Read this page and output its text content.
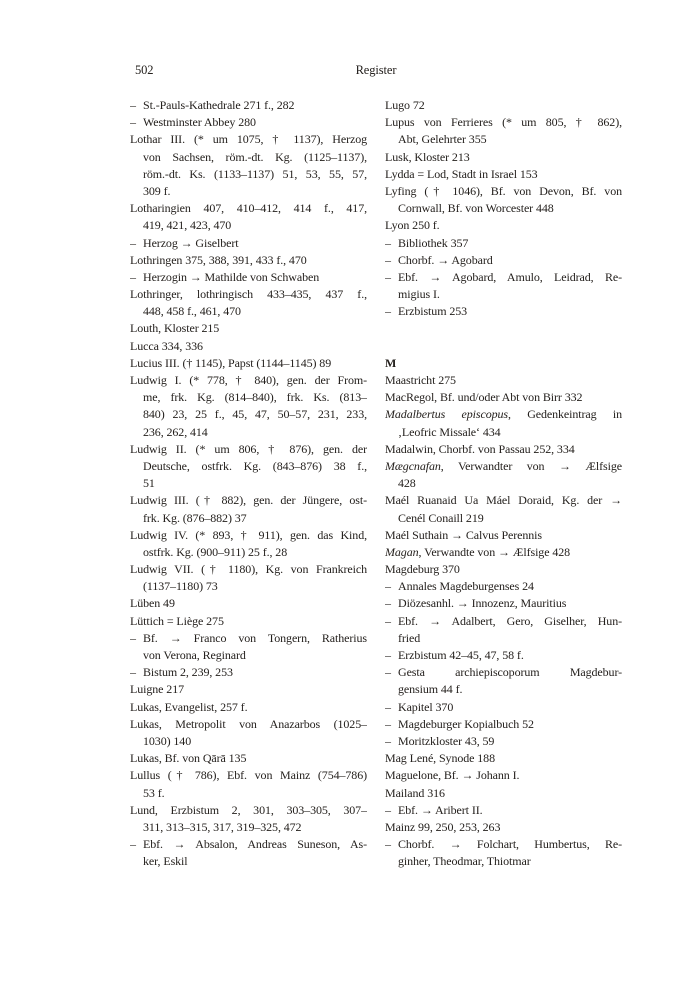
502	Register
– St.-Pauls-Kathedrale 271 f., 282
– Westminster Abbey 280
Lothar III. (* um 1075, † 1137), Herzog
von Sachsen, röm.-dt. Kg. (1125–1137),
röm.-dt. Ks. (1133–1137) 51, 53, 55, 57,
309 f.
Lotharingien 407, 410–412, 414 f., 417,
419, 421, 423, 470
– Herzog → Giselbert
Lothringen 375, 388, 391, 433 f., 470
– Herzogin → Mathilde von Schwaben
Lothringer, lothringisch 433–435, 437 f.,
448, 458 f., 461, 470
Louth, Kloster 215
Lucca 334, 336
Lucius III. († 1145), Papst (1144–1145) 89
Ludwig I. (* 778, † 840), gen. der From-
me, frk. Kg. (814–840), frk. Ks. (813–
840) 23, 25 f., 45, 47, 50–57, 231, 233,
236, 262, 414
Ludwig II. (* um 806, † 876), gen. der
Deutsche, ostfrk. Kg. (843–876) 38 f.,
51
Ludwig III. († 882), gen. der Jüngere, ost-
frk. Kg. (876–882) 37
Ludwig IV. (* 893, † 911), gen. das Kind,
ostfrk. Kg. (900–911) 25 f., 28
Ludwig VII. († 1180), Kg. von Frankreich
(1137–1180) 73
Lüben 49
Lüttich = Liège 275
– Bf. → Franco von Tongern, Ratherius
von Verona, Reginard
– Bistum 2, 239, 253
Luigne 217
Lukas, Evangelist, 257 f.
Lukas, Metropolit von Anazarbos (1025–
1030) 140
Lukas, Bf. von Qārā 135
Lullus († 786), Ebf. von Mainz (754–786)
53 f.
Lund, Erzbistum 2, 301, 303–305, 307–
311, 313–315, 317, 319–325, 472
– Ebf. → Absalon, Andreas Suneson, As-
ker, Eskil
Lugo 72
Lupus von Ferrieres (* um 805, † 862),
Abt, Gelehrter 355
Lusk, Kloster 213
Lydda = Lod, Stadt in Israel 153
Lyfing († 1046), Bf. von Devon, Bf. von
Cornwall, Bf. von Worcester 448
Lyon 250 f.
– Bibliothek 357
– Chorbf. → Agobard
– Ebf. → Agobard, Amulo, Leidrad, Re-
migius I.
– Erzbistum 253
M
Maastricht 275
MacRegol, Bf. und/oder Abt von Birr 332
Madalbertus episcopus, Gedenkeintrag in
‚Leofric Missale‘ 434
Madalwin, Chorbf. von Passau 252, 334
Mægcnafan, Verwandter von → Ælfsige
428
Maél Ruanaid Ua Máel Doraid, Kg. der →
Cenél Conaill 219
Maél Suthain → Calvus Perennis
Magan, Verwandte von → Ælfsige 428
Magdeburg 370
– Annales Magdeburgenses 24
– Diözesanhl. → Innozenz, Mauritius
– Ebf. → Adalbert, Gero, Giselher, Hun-
fried
– Erzbistum 42–45, 47, 58 f.
– Gesta archiepiscoporum Magdebur-
gensium 44 f.
– Kapitel 370
– Magdeburger Kopialbuch 52
– Moritzkloster 43, 59
Mag Lené, Synode 188
Maguelone, Bf. → Johann I.
Mailand 316
– Ebf. → Aribert II.
Mainz 99, 250, 253, 263
– Chorbf. → Folchart, Humbertus, Re-
ginher, Theodmar, Thiotmar
